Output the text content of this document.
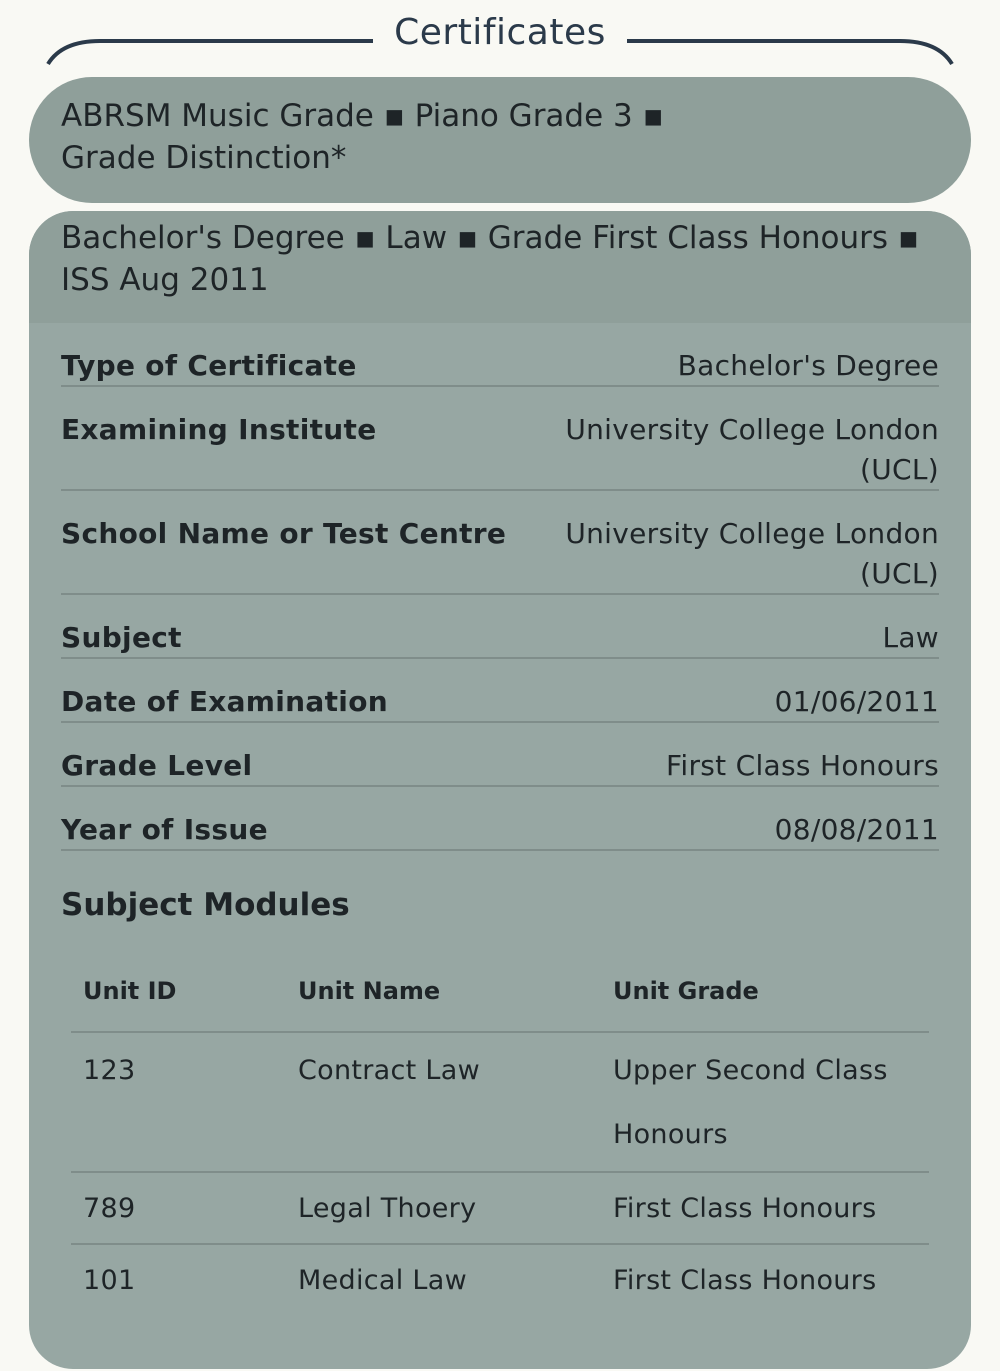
Certificates
ABRSM Music Grade ▪ Piano Grade 3 ▪ Grade Distinction*
Bachelor's Degree ▪ Law ▪ Grade First Class Honours ▪ ISS Aug 2011
Type of Certificate	Bachelor's Degree
Examining Institute	University College London (UCL)
School Name or Test Centre	University College London (UCL)
Subject	Law
Date of Examination	01/06/2011
Grade Level	First Class Honours
Year of Issue	08/08/2011
Subject Modules
Unit ID	Unit Name	Unit Grade
123	Contract Law	Upper Second Class Honours
789	Legal Thoery	First Class Honours
101	Medical Law	First Class Honours
